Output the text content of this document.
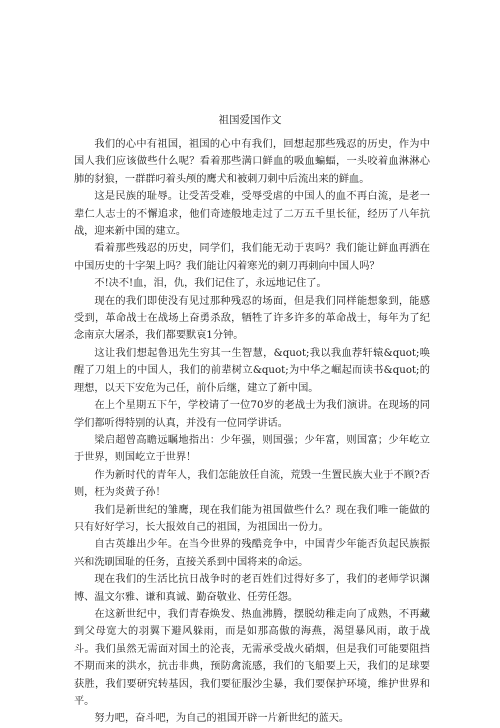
祖国爱国作文

我们的心中有祖国，祖国的心中有我们，回想起那些残忍的历史，作为中国人我们应该做些什么呢？看着那些满口鲜血的吸血蝙蝠，一头咬着血淋淋心肺的豺狼，一群群叼着头颅的鹰犬和被刺刀刺中后流出来的鲜血。

这是民族的耻辱。让受苦受难，受辱受虐的中国人的血不再白流，是老一辈仁人志士的不懈追求，他们奇迹般地走过了二万五千里长征，经历了八年抗战，迎来新中国的建立。

看着那些残忍的历史，同学们，我们能无动于衷吗？我们能让鲜血再洒在中国历史的十字架上吗？我们能让闪着寒光的刺刀再刺向中国人吗？

不!决不!血，泪，仇，我们记住了，永远地记住了。

现在的我们即使没有见过那种残忍的场面，但是我们同样能想象到，能感受到，革命战士在战场上奋勇杀敌，牺牲了许多许多的革命战士，每年为了纪念南京大屠杀，我们都要默哀1分钟。

这让我们想起鲁迅先生穷其一生智慧，&quot;我以我血荐轩辕&quot;唤醒了刀俎上的中国人，我们的前辈树立&quot;为中华之崛起而读书&quot;的理想，以天下安危为己任，前仆后继，建立了新中国。

在上个星期五下午，学校请了一位70岁的老战士为我们演讲。在现场的同学们都听得特别的认真，并没有一位同学讲话。

梁启超曾高瞻远瞩地指出：少年强，则国强；少年富，则国富；少年屹立于世界，则国屹立于世界！

作为新时代的青年人，我们怎能放任自流，荒毁一生置民族大业于不顾?否则，枉为炎黄子孙！

我们是新世纪的雏鹰，现在我们能为祖国做些什么？现在我们唯一能做的只有好好学习，长大报效自己的祖国，为祖国出一份力。

自古英雄出少年。在当今世界的残酷竞争中，中国青少年能否负起民族振兴和洗刷国耻的任务，直接关系到中国将来的命运。

现在我们的生活比抗日战争时的老百姓们过得好多了，我们的老师学识渊博、温文尔雅、谦和真诚、勤奋敬业、任劳任怨。

在这新世纪中，我们青春焕发、热血沸腾，摆脱幼稚走向了成熟，不再藏到父母宽大的羽翼下避风躲雨，而是如那高傲的海燕，渴望暴风雨，敢于战斗。我们虽然无需面对国土的沦丧，无需承受战火硝烟，但是我们可能要阻挡不期而来的洪水，抗击非典，预防禽流感，我们的飞船要上天，我们的足球要获胜，我们要研究转基因，我们要征服沙尘暴，我们要保护环境，维护世界和平。

努力吧，奋斗吧，为自己的祖国开辟一片新世纪的蓝天。
